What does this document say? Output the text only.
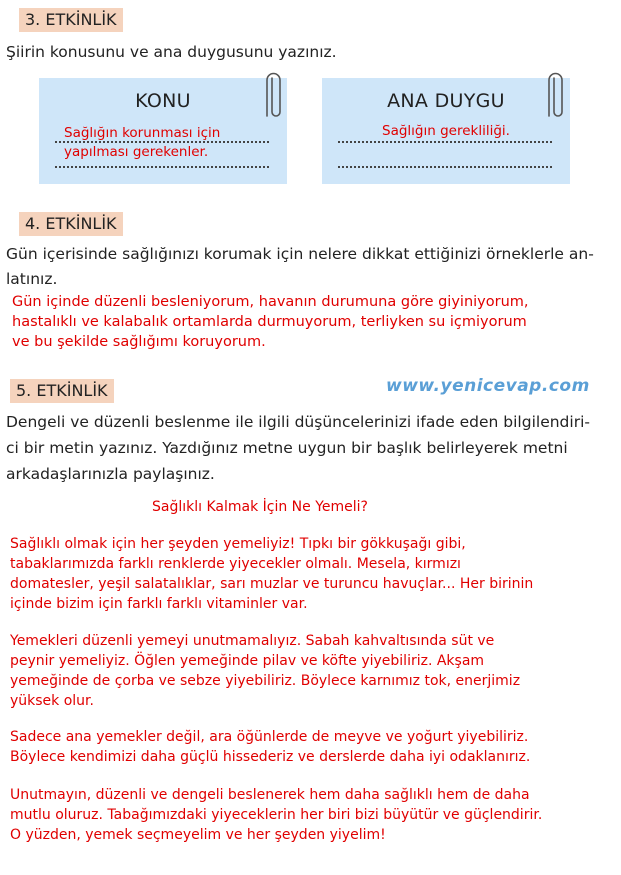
3. ETKİNLİK
Şiirin konusunu ve ana duygusunu yazınız.
KONU
Sağlığın korunması için
yapılması gerekenler.
ANA DUYGU
Sağlığın gerekliliği.
4. ETKİNLİK
Gün içerisinde sağlığınızı korumak için nelere dikkat ettiğinizi örneklerle an-
latınız.
Gün içinde düzenli besleniyorum, havanın durumuna göre giyiniyorum,
hastalıklı ve kalabalık ortamlarda durmuyorum, terliyken su içmiyorum
ve bu şekilde sağlığımı koruyorum.
5. ETKİNLİK	www.yenicevap.com
Dengeli ve düzenli beslenme ile ilgili düşüncelerinizi ifade eden bilgilendiri-
ci bir metin yazınız. Yazdığınız metne uygun bir başlık belirleyerek metni
arkadaşlarınızla paylaşınız.
Sağlıklı Kalmak İçin Ne Yemeli?
Sağlıklı olmak için her şeyden yemeliyiz! Tıpkı bir gökkuşağı gibi,
tabaklarımızda farklı renklerde yiyecekler olmalı. Mesela, kırmızı
domatesler, yeşil salatalıklar, sarı muzlar ve turuncu havuçlar... Her birinin
içinde bizim için farklı farklı vitaminler var.
Yemekleri düzenli yemeyi unutmamalıyız. Sabah kahvaltısında süt ve
peynir yemeliyiz. Öğlen yemeğinde pilav ve köfte yiyebiliriz. Akşam
yemeğinde de çorba ve sebze yiyebiliriz. Böylece karnımız tok, enerjimiz
yüksek olur.
Sadece ana yemekler değil, ara öğünlerde de meyve ve yoğurt yiyebiliriz.
Böylece kendimizi daha güçlü hissederiz ve derslerde daha iyi odaklanırız.
Unutmayın, düzenli ve dengeli beslenerek hem daha sağlıklı hem de daha
mutlu oluruz. Tabağımızdaki yiyeceklerin her biri bizi büyütür ve güçlendirir.
O yüzden, yemek seçmeyelim ve her şeyden yiyelim!
